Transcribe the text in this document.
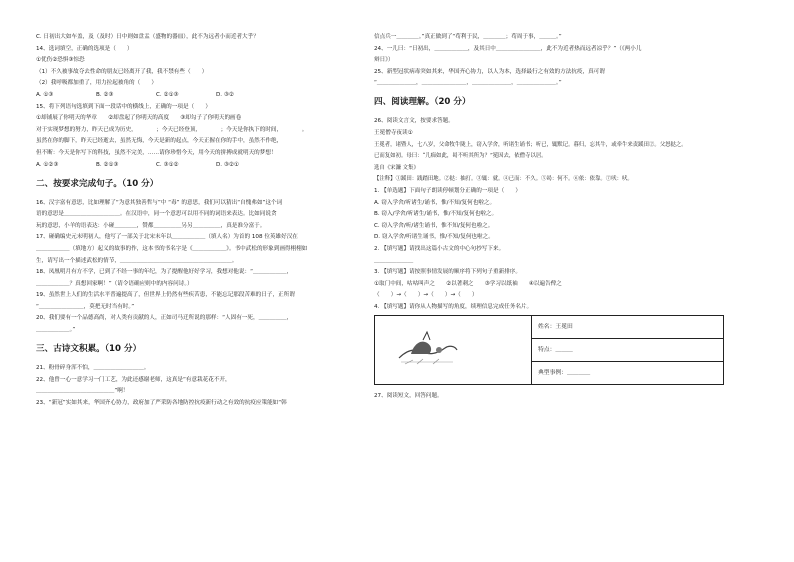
C. 日初出大如车盖，及（及时）日中则如盘盂（盛物的器皿），此不为远者小而近者大乎？
14、选词填空，正确的选项是（　　）
①优伤②恐惧③惊恐
（1）不久被事故夺去性命的朋友已经离开了我，我不禁有些（　　）
（2）我呼吸都加重了，用力拉起被角的（　　）
A. ①③	B. ②③	C. ②①③	D. ③②
15、将下列语句选填到下面一段话中的横线上，正确的一项是（　　）
①却铺展了你明天的华章　　②却盘起了你明天的高度　　③却勾子了你明天的画卷
对于实现梦想的努力，昨天已成为历史，　　　　；今天已经登顶，　　　　；今天是你执下的时间，　　　　。
虽然在你的脚下，昨天已经逝去，虽然无悔，今天是新的起点，今天正握在你的手中，虽然不作绝，
但不断：今天是你写下的科技，虽然不完美，……请你珍惜今天，用今天的拼搏成就明天的梦想！
A. ①②③	B. ②①③	C. ③①②	D. ③②①
二、按要求完成句子。（10 分）
16、汉字富有意思，比如理解了“为意其独善哲与”中 “毒” 的意思，我们可以猜出“自愧弗如”这个词
语的意思是＿＿＿＿＿＿＿＿＿＿。在汉语中，同一个意思可以用不同的词语来表达。比如同说贪
玩的意思，小羊的语表达：小碰＿＿＿＿，赞都＿＿＿＿＿另另＿＿＿＿＿，真是准分富于。
17、碰确编史元末明初人，他写了一部关于北宋末年以＿＿＿＿＿＿（填人名）为首的 108 位英雄好汉在
＿＿＿＿＿＿（填地方）起义的故事的作，这本书的书名字是《＿＿＿＿＿＿》。书中武松的形象到画得栩栩如
生，请写出一个描述武松的情节，＿＿＿＿＿＿＿＿＿＿＿＿＿＿＿＿＿＿＿＿。
18、凤凰明月有方不学，已到了不经一事的年纪，为了提醒他好好学习，我想对他说：“＿＿＿＿＿＿，
＿＿＿＿＿＿？真想回家啊！”（请令语确应则中的内容问诗。）
19、虽然世上人们的生活水平普遍提高了，但世界上仍然有些疾苦患，不能忘记那段苦难的日子，正所谓
“＿＿＿＿＿＿＿＿，莫把无时当有时。”
20、我们要有一个品德高尚，对人类有贡献的人，正如司马迁所说的那样：“人固有一死，＿＿＿＿＿，
＿＿＿＿＿＿。”
三、古诗文积累。（10 分）
21、粉骨碎身浑不怕，＿＿＿＿＿＿＿＿＿。
22、他曾一心一意学习一门工艺，为此还感谢老师，这真是“有意栽花花不开，
＿＿＿＿＿＿＿＿＿＿＿＿＿＿”啊！
23、“新冠”实如其来，华国齐心协力，政府加了严采防各地防控抗疫新行动之有效的抗疫应策能如“韩
信点兵一＿＿＿＿。”真正做到了“苟利于民，＿＿＿＿；苟周于事，＿＿＿。”
24、一儿曰：“日初出，＿＿＿＿＿＿，及其日中＿＿＿＿＿＿＿＿，此不为近者热而远者凉乎？”（《两小儿
辩日》）
25、新型冠状病毒突如其来，华国齐心协力，以人为本，选择最行之有效的方法抗疫，真可谓
“＿＿＿＿＿＿＿，＿＿＿＿＿＿＿＿，＿＿＿＿＿＿＿，＿＿＿＿＿＿＿。”
四、阅读理解。（20 分）
26、阅读文言文，按要求答题。
王冕僧寺夜读①
王冕者，诸暨人，七八岁，父命牧牛陇上，窃入学舍，听诸生诵书；听已，辄默记。暮归，忘其牛，或牵牛来责蹊田②。父怒挞之。
已而复如初。母曰：“儿痴如此，曷不听其所为？”冕因去，依僧寺以居。
选自《宋濂 文集》
【注释】①蹊田：践踏田地。②挞：抽打。③辄：就。④已而：不久。⑤曷：何不。⑥依：依靠。⑦吠：吠。
1. 【单选题】下面句子朗读停顿划分正确的一项是（　　）
A. 窃入学舍/听诸生/诵书，惟/不知/复何也啦之。
B. 窃入/学舍/听诸生/诵书，惟/不知/复何也啦之。
C. 窃入学舍/听/诸生诵书，惟不知/复何也啦之。
D. 窃入学舍/听诸生诵书，惟/不知/复何也啦之。
2. 【填写题】请找出这篇小古文的中心句抄写下来。
＿＿＿＿＿＿＿
3. 【填写题】请按照事情发展的顺序将下列句子重新排序。
①取门中间，咕咕叫声之　　②以著刺之　　③学习以纸袖　　④以遍告俾之
（　　）→（　　）→（　　）→（　　）
4. 【填写题】请你从人物描写的角度，续理信息完成任务名片。
姓名：王冕田
特点：＿＿＿
典型事例：＿＿＿＿
27、阅读短文，回答问题。
